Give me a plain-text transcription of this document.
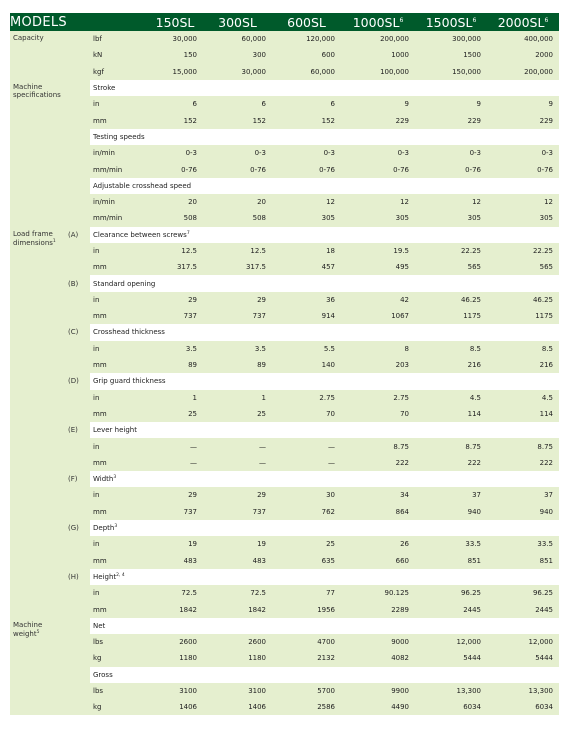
MODELS			150SL	300SL	600SL	$1000SL^6$	$1500SL^6$	$2000SL^6$
Capacity		lbf	30,000	60,000	120,000	200,000	300,000	400,000
		kN	150	300	600	1000	1500	2000
		kgf	15,000	30,000	60,000	100,000	150,000	200,000
Machine specifications		Stroke						
		in	6	6	6	9	9	9
		mm	152	152	152	229	229	229
		Testing speeds						
		in/min	0-3	0-3	0-3	0-3	0-3	0-3
		mm/min	0-76	0-76	0-76	0-76	0-76	0-76
		Adjustable crosshead speed						
		in/min	20	20	12	12	12	12
		mm/min	508	508	305	305	305	305
Load frame dimensions$^1$	(A)	Clearance between screws$^7$
		in	12.5	12.5	18	19.5	22.25	22.25
		mm	317.5	317.5	457	495	565	565
	(B)	Standard opening						
		in	29	29	36	42	46.25	46.25
		mm	737	737	914	1067	1175	1175
	(C)	Crosshead thickness						
		in	3.5	3.5	5.5	8	8.5	8.5
		mm	89	89	140	203	216	216
	(D)	Grip guard thickness						
		in	1	1	2.75	2.75	4.5	4.5
		mm	25	25	70	70	114	114
	(E)	Lever height						
		in	—	—	—	8.75	8.75	8.75
		mm	—	—	—	222	222	222
	(F)	Width$^3$
		in	29	29	30	34	37	37
		mm	737	737	762	864	940	940
	(G)	Depth$^3$
		in	19	19	25	26	33.5	33.5
		mm	483	483	635	660	851	851
	(H)	Height$^{2, 4}$
		in	72.5	72.5	77	90.125	96.25	96.25
		mm	1842	1842	1956	2289	2445	2445
Machine weight$^5$		Net						
		lbs	2600	2600	4700	9000	12,000	12,000
		kg	1180	1180	2132	4082	5444	5444
		Gross						
		lbs	3100	3100	5700	9900	13,300	13,300
		kg	1406	1406	2586	4490	6034	6034
